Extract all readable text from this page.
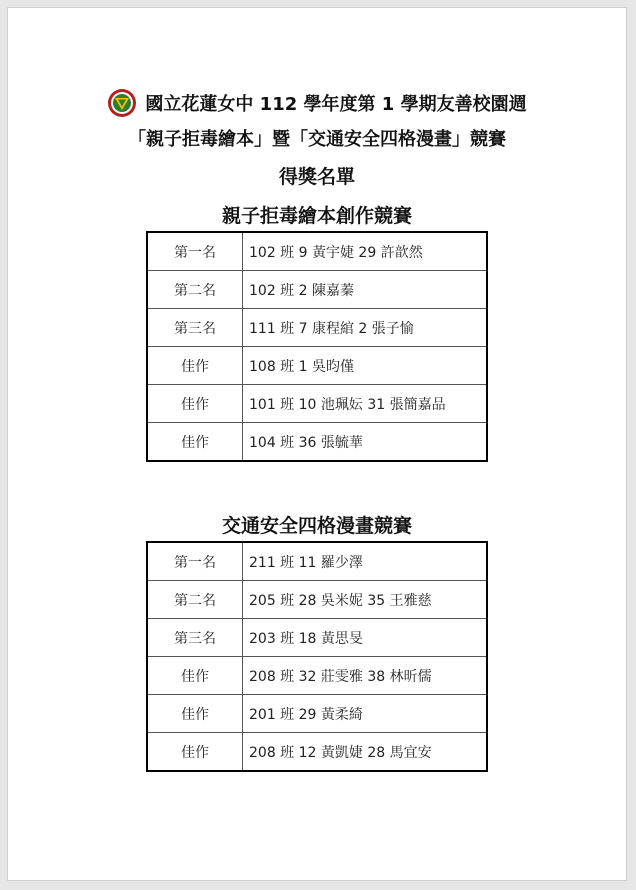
國立花蓮女中 112 學年度第 1 學期友善校園週
「親子拒毒繪本」暨「交通安全四格漫畫」競賽
得獎名單
親子拒毒繪本創作競賽
第一名	102 班 9 黃宇婕 29 許歆然
第二名	102 班 2 陳嘉蓁
第三名	111 班 7 康程綰 2 張子愉
佳作	108 班 1 吳昀僅
佳作	101 班 10 池珮妘 31 張簡嘉品
佳作	104 班 36 張毓華
交通安全四格漫畫競賽
第一名	211 班 11 羅少澤
第二名	205 班 28 吳米妮 35 王雅慈
第三名	203 班 18 黃思旻
佳作	208 班 32 莊雯雅 38 林昕儒
佳作	201 班 29 黃柔綺
佳作	208 班 12 黃凱婕 28 馬宜安
